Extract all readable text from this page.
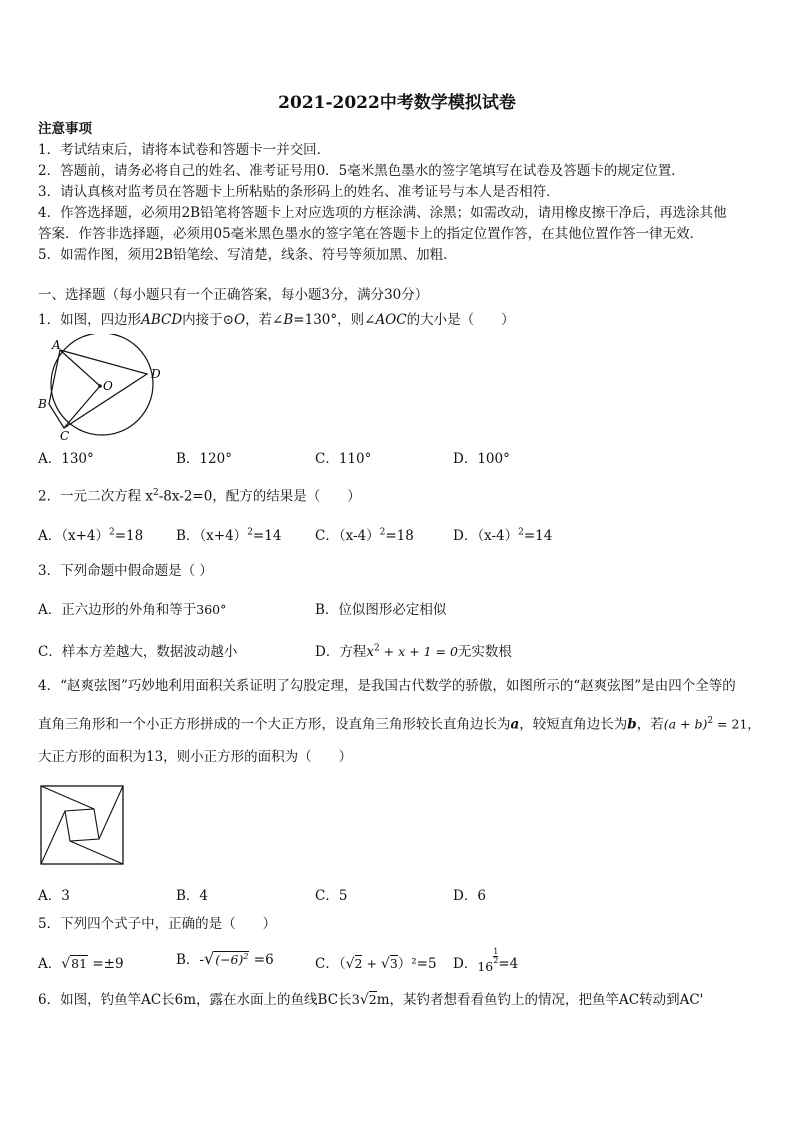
2021-2022中考数学模拟试卷
注意事项
1．考试结束后，请将本试卷和答题卡一并交回．
2．答题前，请务必将自己的姓名、准考证号用0．5毫米黑色墨水的签字笔填写在试卷及答题卡的规定位置．
3．请认真核对监考员在答题卡上所粘贴的条形码上的姓名、准考证号与本人是否相符．
4．作答选择题，必须用2B铅笔将答题卡上对应选项的方框涂满、涂黑；如需改动，请用橡皮擦干净后，再选涂其他
答案．作答非选择题，必须用05毫米黑色墨水的签字笔在答题卡上的指定位置作答，在其他位置作答一律无效．
5．如需作图，须用2B铅笔绘、写清楚，线条、符号等须加黑、加粗．
一、选择题（每小题只有一个正确答案，每小题3分，满分30分）
1．如图，四边形ABCD内接于⊙O，若∠B=130°，则∠AOC的大小是（　　）
A
D
B
C
O
A．130°	B．120°	C．110°	D．100°
2．一元二次方程 $x^2-8x-2=0$，配方的结果是（　　）
A．$(x+4)^2=18$ B．$(x+4)^2=14$ C．$(x-4)^2=18$	D．$(x-4)^2=14$
3．下列命题中假命题是（ ）
A．正六边形的外角和等于360°	B．位似图形必定相似
C．样本方差越大，数据波动越小	D．方程$x^2 + x + 1 = 0$无实数根
4．“赵爽弦图”巧妙地利用面积关系证明了勾股定理，是我国古代数学的骄傲，如图所示的“赵爽弦图”是由四个全等的
直角三角形和一个小正方形拼成的一个大正方形，设直角三角形较长直角边长为a，较短直角边长为b，若$(a + b)^2 = 21$，
大正方形的面积为13，则小正方形的面积为（　　）
A．3	B．4	C．5	D．6
5．下列四个式子中，正确的是（　　）
A．√81 =±9	B．$-√(-6)^2 =6$	C．（√2 + √3）²=5 D．16
$\frac{1}{2} =4$
6．如图，钓鱼竿AC长6m，露在水面上的鱼线BC长3√2m，某钓者想看看鱼钓上的情况，把鱼竿AC转动到AC'
